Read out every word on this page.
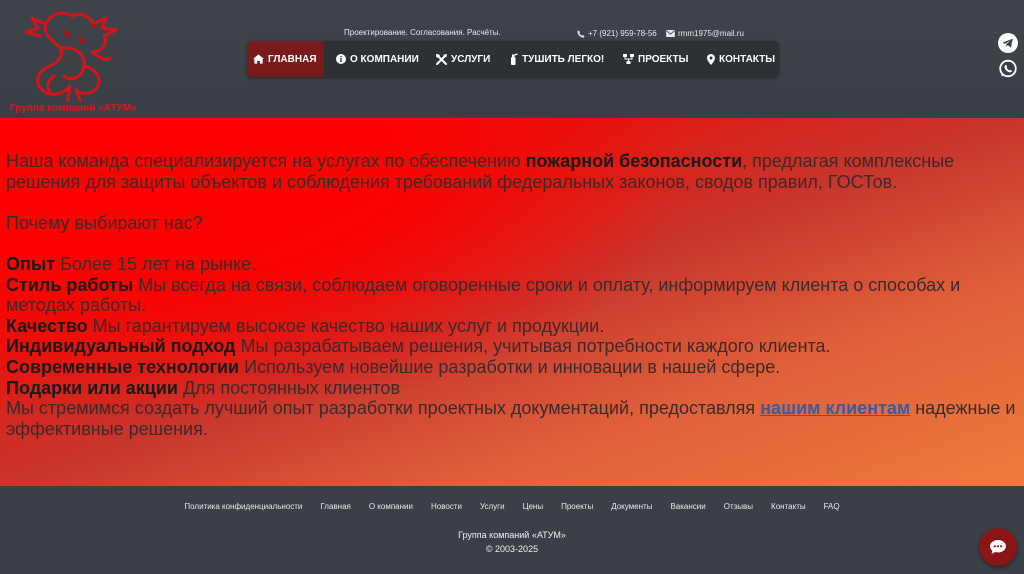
Группа компаний «АТУМ»
Проектирование. Согласования. Расчёты.	+7 (921) 959-78-56	rmm1975@mail.ru
ГЛАВНАЯ	О КОМПАНИИ	УСЛУГИ	ТУШИТЬ ЛЕГКО!	ПРОЕКТЫ	КОНТАКТЫ

Наша команда специализируется на услугах по обеспечению пожарной безопасности, предлагая комплексные решения для защиты объектов и соблюдения требований федеральных законов, сводов правил, ГОСТов.

Почему выбирают нас?

Опыт Более 15 лет на рынке.

Стиль работы Мы всегда на связи, соблюдаем оговоренные сроки и оплату, информируем клиента о способах и методах работы.

Качество Мы гарантируем высокое качество наших услуг и продукции.

Индивидуальный подход Мы разрабатываем решения, учитывая потребности каждого клиента.

Современные технологии Используем новейшие разработки и инновации в нашей сфере.

Подарки или акции Для постоянных клиентов

Мы стремимся создать лучший опыт разработки проектных документаций, предоставляя нашим клиентам надежные и эффективные решения.

Политика конфиденциальности Главная О компании Новости Услуги Цены Проекты Документы Вакансии Отзывы Контакты FAQ
Группа компаний «АТУМ»
© 2003-2025
